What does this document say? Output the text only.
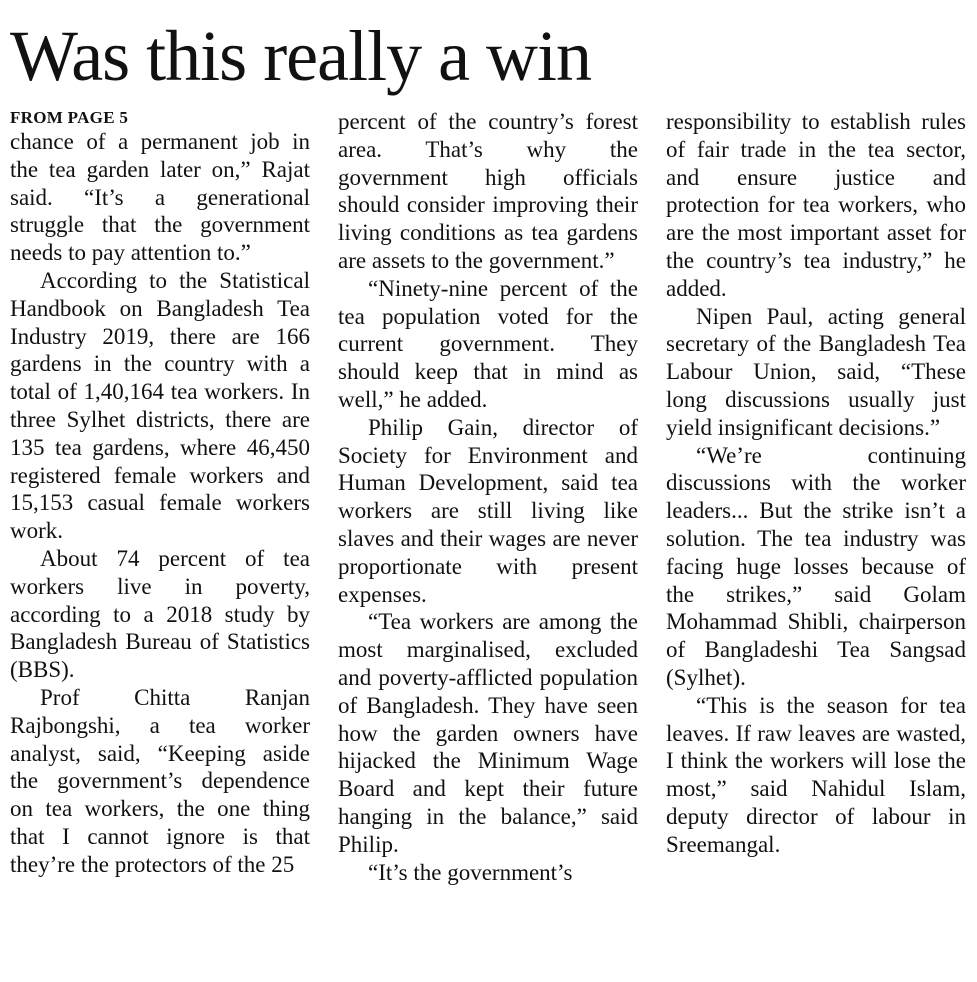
Was this really a win
FROM PAGE 5

chance of a permanent job in the tea garden later on,” Rajat said. “It’s a generational struggle that the government needs to pay attention to.”

According to the Statistical Handbook on Bangladesh Tea Industry 2019, there are 166 gardens in the country with a total of 1,40,164 tea workers. In three Sylhet districts, there are 135 tea gardens, where 46,450 registered female workers and 15,153 casual female workers work.

About 74 percent of tea workers live in poverty, according to a 2018 study by Bangladesh Bureau of Statistics (BBS).

Prof Chitta Ranjan Rajbongshi, a tea worker analyst, said, “Keeping aside the government’s dependence on tea workers, the one thing that I cannot ignore is that they’re the protectors of the 25

percent of the country’s forest area. That’s why the government high officials should consider improving their living conditions as tea gardens are assets to the government.”

“Ninety-nine percent of the tea population voted for the current government. They should keep that in mind as well,” he added.

Philip Gain, director of Society for Environment and Human Development, said tea workers are still living like slaves and their wages are never proportionate with present expenses.

“Tea workers are among the most marginalised, excluded and poverty-afflicted population of Bangladesh. They have seen how the garden owners have hijacked the Minimum Wage Board and kept their future hanging in the balance,” said Philip.

“It’s the government’s

responsibility to establish rules of fair trade in the tea sector, and ensure justice and protection for tea workers, who are the most important asset for the country’s tea industry,” he added.

Nipen Paul, acting general secretary of the Bangladesh Tea Labour Union, said, “These long discussions usually just yield insignificant decisions.”

“We’re continuing discussions with the worker leaders... But the strike isn’t a solution. The tea industry was facing huge losses because of the strikes,” said Golam Mohammad Shibli, chairperson of Bangladeshi Tea Sangsad (Sylhet).

“This is the season for tea leaves. If raw leaves are wasted, I think the workers will lose the most,” said Nahidul Islam, deputy director of labour in Sreemangal.
